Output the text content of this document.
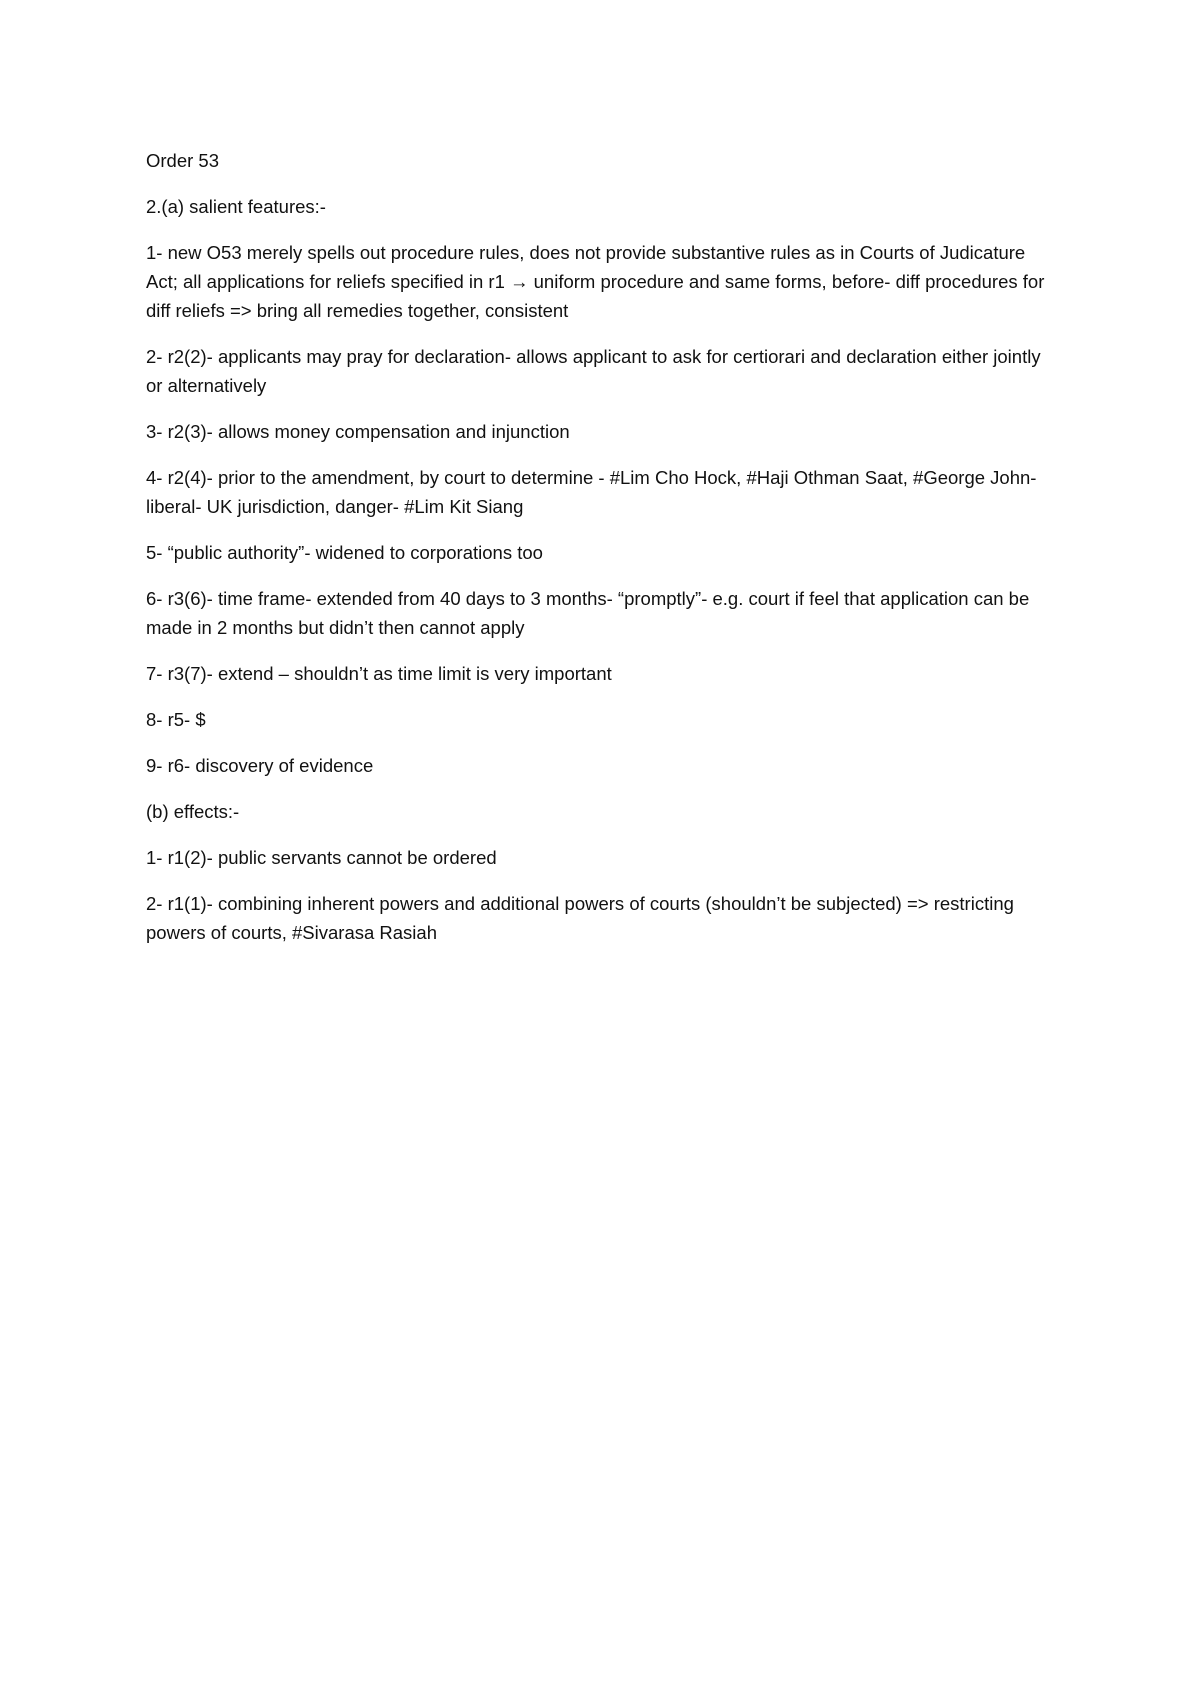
Order 53

2.(a) salient features:-

1- new O53 merely spells out procedure rules, does not provide substantive rules as in Courts of Judicature Act; all applications for reliefs specified in r1 → uniform procedure and same forms, before- diff procedures for diff reliefs => bring all remedies together, consistent

2- r2(2)- applicants may pray for declaration- allows applicant to ask for certiorari and declaration either jointly or alternatively

3- r2(3)- allows money compensation and injunction

4- r2(4)- prior to the amendment, by court to determine - #Lim Cho Hock, #Haji Othman Saat, #George John- liberal- UK jurisdiction, danger- #Lim Kit Siang

5- “public authority”- widened to corporations too

6- r3(6)- time frame- extended from 40 days to 3 months- “promptly”- e.g. court if feel that application can be made in 2 months but didn’t then cannot apply

7- r3(7)- extend – shouldn’t as time limit is very important

8- r5- $

9- r6- discovery of evidence

(b) effects:-

1- r1(2)- public servants cannot be ordered

2- r1(1)- combining inherent powers and additional powers of courts (shouldn’t be subjected) => restricting powers of courts, #Sivarasa Rasiah
